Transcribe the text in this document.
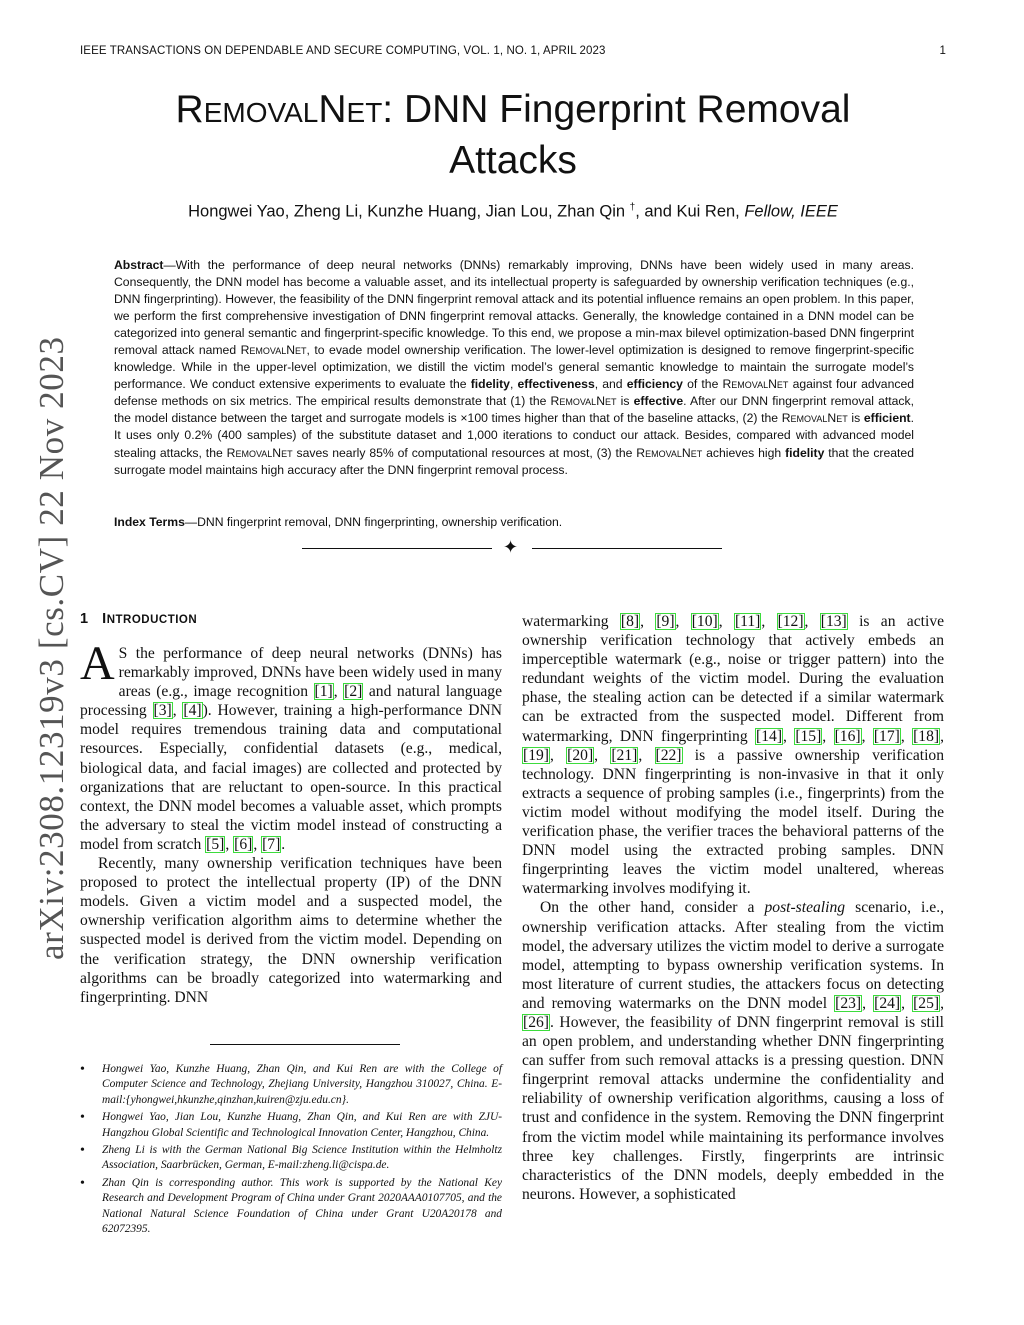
IEEE TRANSACTIONS ON DEPENDABLE AND SECURE COMPUTING, VOL. 1, NO. 1, APRIL 2023	1
REMOVALNET: DNN Fingerprint Removal
Attacks
Hongwei Yao, Zheng Li, Kunzhe Huang, Jian Lou, Zhan Qin †, and Kui Ren, Fellow, IEEE
Abstract—With the performance of deep neural networks (DNNs) remarkably improving, DNNs have been widely used in many areas. Consequently, the DNN model has become a valuable asset, and its intellectual property is safeguarded by ownership verification techniques (e.g., DNN fingerprinting). However, the feasibility of the DNN fingerprint removal attack and its potential influence remains an open problem. In this paper, we perform the first comprehensive investigation of DNN fingerprint removal attacks. Generally, the knowledge contained in a DNN model can be categorized into general semantic and fingerprint-specific knowledge. To this end, we propose a min-max bilevel optimization-based DNN fingerprint removal attack named RemovalNet, to evade model ownership verification. The lower-level optimization is designed to remove fingerprint-specific knowledge. While in the upper-level optimization, we distill the victim model’s general semantic knowledge to maintain the surrogate model’s performance. We conduct extensive experiments to evaluate the fidelity, effectiveness, and efficiency of the RemovalNet against four advanced defense methods on six metrics. The empirical results demonstrate that (1) the RemovalNet is effective. After our DNN fingerprint removal attack, the model distance between the target and surrogate models is ×100 times higher than that of the baseline attacks, (2) the RemovalNet is efficient. It uses only 0.2% (400 samples) of the substitute dataset and 1,000 iterations to conduct our attack. Besides, compared with advanced model stealing attacks, the RemovalNet saves nearly 85% of computational resources at most, (3) the RemovalNet achieves high fidelity that the created surrogate model maintains high accuracy after the DNN fingerprint removal process.
Index Terms—DNN fingerprint removal, DNN fingerprinting, ownership verification.
✦
arXiv:2308.12319v3 [cs.CV] 22 Nov 2023 1 INTRODUCTION

A S the performance of deep neural networks (DNNs) has remarkably improved, DNNs have been widely used in many areas (e.g., image recognition [1], [2] and natural language processing [3], [4]). However, training a high-performance DNN model requires tremendous training data and computational resources. Especially, confidential datasets (e.g., medical, biological data, and facial images) are collected and protected by organizations that are reluctant to open-source. In this practical context, the DNN model becomes a valuable asset, which prompts the adversary to steal the victim model instead of constructing a model from scratch [5], [6], [7].

Recently, many ownership verification techniques have been proposed to protect the intellectual property (IP) of the DNN models. Given a victim model and a suspected model, the ownership verification algorithm aims to determine whether the suspected model is derived from the victim model. Depending on the verification strategy, the DNN ownership verification algorithms can be broadly categorized into watermarking and fingerprinting. DNN

watermarking [8], [9], [10], [11], [12], [13] is an active ownership verification technology that actively embeds an imperceptible watermark (e.g., noise or trigger pattern) into the redundant weights of the victim model. During the evaluation phase, the stealing action can be detected if a similar watermark can be extracted from the suspected model. Different from watermarking, DNN fingerprinting [14], [15], [16], [17], [18], [19], [20], [21], [22] is a passive ownership verification technology. DNN fingerprinting is non-invasive in that it only extracts a sequence of probing samples (i.e., fingerprints) from the victim model without modifying the model itself. During the verification phase, the verifier traces the behavioral patterns of the DNN model using the extracted probing samples. DNN fingerprinting leaves the victim model unaltered, whereas watermarking involves modifying it.

On the other hand, consider a post-stealing scenario, i.e., ownership verification attacks. After stealing from the victim model, the adversary utilizes the victim model to derive a surrogate model, attempting to bypass ownership verification systems. In most literature of current studies, the attackers focus on detecting and removing watermarks on the DNN model [23], [24], [25], [26]. However, the feasibility of DNN fingerprint removal is still an open problem, and understanding whether DNN fingerprinting can suffer from such removal attacks is a pressing question. DNN fingerprint removal attacks undermine the confidentiality and reliability of ownership verification algorithms, causing a loss of trust and confidence in the system. Removing the DNN fingerprint from the victim model while maintaining its performance involves three key challenges. Firstly, fingerprints are intrinsic characteristics of the DNN models, deeply embedded in the neurons. However, a sophisticated

• Hongwei Yao, Kunzhe Huang, Zhan Qin, and Kui Ren are with the College of Computer Science and Technology, Zhejiang University, Hangzhou 310027, China. E-mail:{yhongwei,hkunzhe,qinzhan,kuiren@zju.edu.cn}.
• Hongwei Yao, Jian Lou, Kunzhe Huang, Zhan Qin, and Kui Ren are with ZJU-Hangzhou Global Scientific and Technological Innovation Center, Hangzhou, China.
• Zheng Li is with the German National Big Science Institution within the Helmholtz Association, Saarbrücken, German, E-mail:zheng.li@cispa.de.
• Zhan Qin is corresponding author. This work is supported by the National Key Research and Development Program of China under Grant 2020AAA0107705, and the National Natural Science Foundation of China under Grant U20A20178 and 62072395.
